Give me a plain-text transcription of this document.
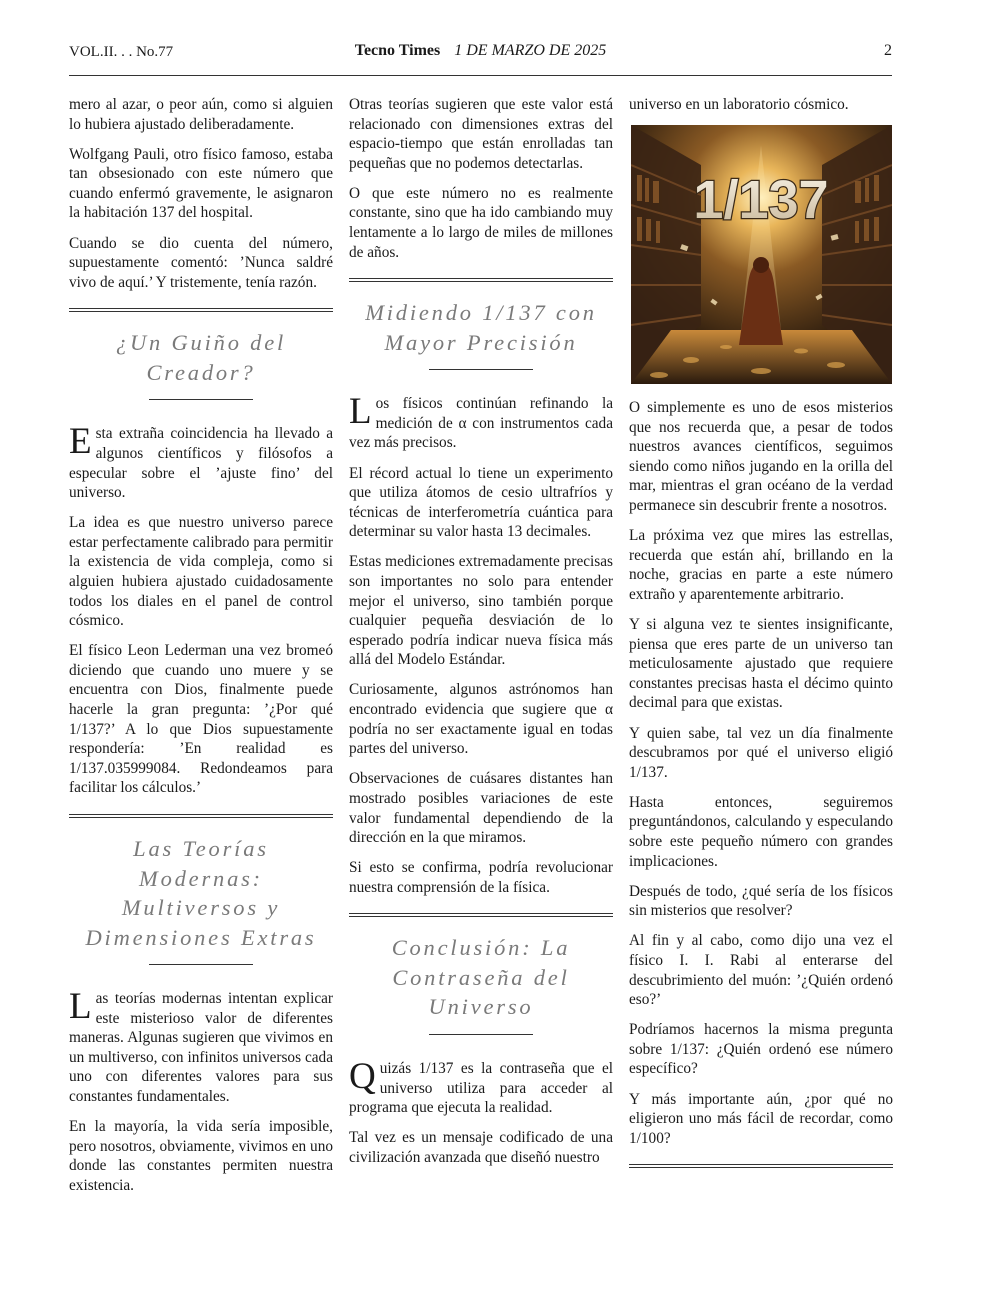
VOL.II. . . No.77	Tecno Times 1 DE MARZO DE 2025	2

mero al azar, o peor aún, como si alguien lo hubiera ajustado deliberadamente.

Wolfgang Pauli, otro físico famoso, estaba tan obsesionado con este número que cuando enfermó gravemente, le asignaron la habitación 137 del hospital.

Cuando se dio cuenta del número, supuestamente comentó: ’Nunca saldré vivo de aquí.’ Y tristemente, tenía razón.

¿Un Guiño del
Creador?

Esta extraña coincidencia ha llevado a algunos científicos y filósofos a especular sobre el ’ajuste fino’ del universo.

La idea es que nuestro universo parece estar perfectamente calibrado para permitir la existencia de vida compleja, como si alguien hubiera ajustado cuidadosamente todos los diales en el panel de control cósmico.

El físico Leon Lederman una vez bromeó diciendo que cuando uno muere y se encuentra con Dios, finalmente puede hacerle la gran pregunta: ’¿Por qué 1/137?’ A lo que Dios supuestamente respondería: ’En realidad es 1/137.035999084. Redondeamos para facilitar los cálculos.’

Las Teorías Modernas:
Multiversos y
Dimensiones Extras

Las teorías modernas intentan explicar este misterioso valor de diferentes maneras. Algunas sugieren que vivimos en un multiverso, con infinitos universos cada uno con diferentes valores para sus constantes fundamentales.

En la mayoría, la vida sería imposible, pero nosotros, obviamente, vivimos en uno donde las constantes permiten nuestra existencia.

Otras teorías sugieren que este valor está relacionado con dimensiones extras del espacio-tiempo que están enrolladas tan pequeñas que no podemos detectarlas.

O que este número no es realmente constante, sino que ha ido cambiando muy lentamente a lo largo de miles de millones de años.

Midiendo 1/137 con
Mayor Precisión

Los físicos continúan refinando la medición de α con instrumentos cada vez más precisos.

El récord actual lo tiene un experimento que utiliza átomos de cesio ultrafríos y técnicas de interferometría cuántica para determinar su valor hasta 13 decimales.

Estas mediciones extremadamente precisas son importantes no solo para entender mejor el universo, sino también porque cualquier pequeña desviación de lo esperado podría indicar nueva física más allá del Modelo Estándar.

Curiosamente, algunos astrónomos han encontrado evidencia que sugiere que α podría no ser exactamente igual en todas partes del universo.

Observaciones de cuásares distantes han mostrado posibles variaciones de este valor fundamental dependiendo de la dirección en la que miramos.

Si esto se confirma, podría revolucionar nuestra comprensión de la física.

Conclusión: La
Contraseña del
Universo

Quizás 1/137 es la contraseña que el universo utiliza para acceder al programa que ejecuta la realidad.

Tal vez es un mensaje codificado de una civilización avanzada que diseñó nuestro

universo en un laboratorio cósmico.

1/137

O simplemente es uno de esos misterios que nos recuerda que, a pesar de todos nuestros avances científicos, seguimos siendo como niños jugando en la orilla del mar, mientras el gran océano de la verdad permanece sin descubrir frente a nosotros.

La próxima vez que mires las estrellas, recuerda que están ahí, brillando en la noche, gracias en parte a este número extraño y aparentemente arbitrario.

Y si alguna vez te sientes insignificante, piensa que eres parte de un universo tan meticulosamente ajustado que requiere constantes precisas hasta el décimo quinto decimal para que existas.

Y quien sabe, tal vez un día finalmente descubramos por qué el universo eligió 1/137.

Hasta entonces, seguiremos preguntándonos, calculando y especulando sobre este pequeño número con grandes implicaciones.

Después de todo, ¿qué sería de los físicos sin misterios que resolver?

Al fin y al cabo, como dijo una vez el físico I. I. Rabi al enterarse del descubrimiento del muón: ’¿Quién ordenó eso?’

Podríamos hacernos la misma pregunta sobre 1/137: ¿Quién ordenó ese número específico?

Y más importante aún, ¿por qué no eligieron uno más fácil de recordar, como 1/100?
